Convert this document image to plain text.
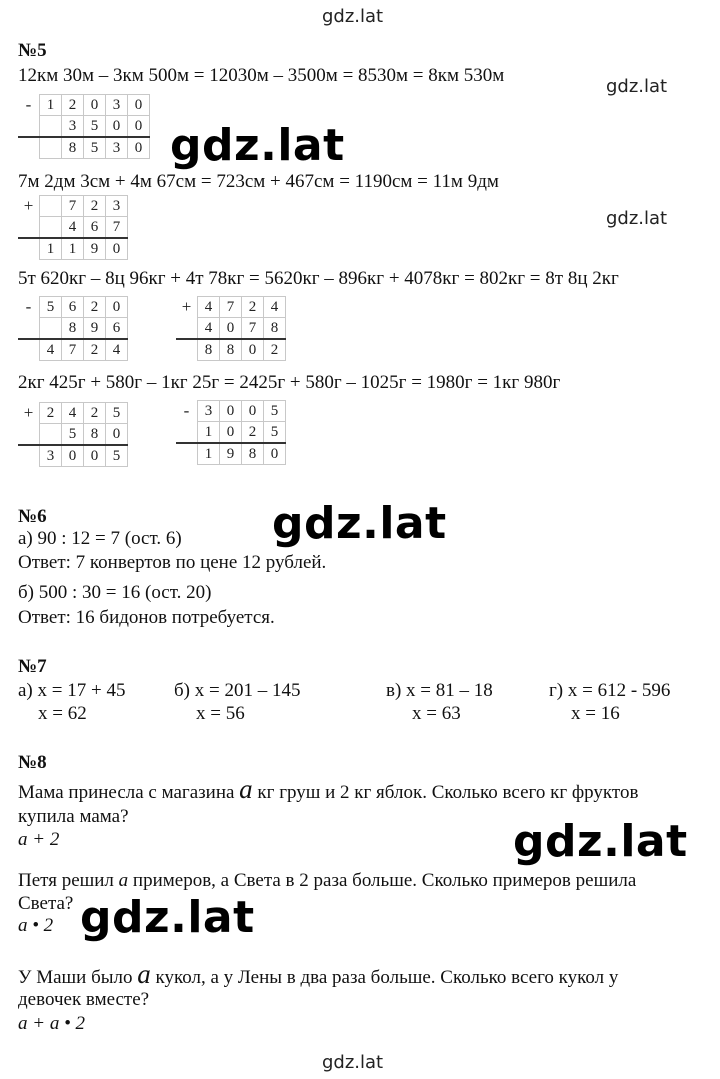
gdz.lat
gdz.lat
gdz.lat
gdz.lat
gdz.lat
gdz.lat
gdz.lat
gdz.lat
№5
12км 30м – 3км 500м = 12030м – 3500м = 8530м = 8км 530м
-	1	2	0	3	0
		3	5	0	0
		8	5	3	0
7м 2дм 3см + 4м 67см = 723см + 467см = 1190см = 11м 9дм
+		7	2	3
		4	6	7
	1	1	9	0
5т 620кг – 8ц 96кг + 4т 78кг = 5620кг – 896кг + 4078кг = 802кг = 8т 8ц 2кг
-	5	6	2	0
		8	9	6
	4	7	2	4
+	4	7	2	4
	4	0	7	8
	8	8	0	2
2кг 425г + 580г – 1кг 25г = 2425г + 580г – 1025г = 1980г = 1кг 980г
+	2	4	2	5
		5	8	0
	3	0	0	5
-	3	0	0	5
	1	0	2	5
	1	9	8	0
№6
а) 90 : 12 = 7 (ост. 6)
Ответ: 7 конвертов по цене 12 рублей.
б) 500 : 30 = 16 (ост. 20)
Ответ: 16 бидонов потребуется.
№7
а) х = 17 + 45
х = 62
б) х = 201 – 145
х = 56
в) х = 81 – 18
х = 63
г) х = 612 - 596
х = 16
№8
Мама принесла с магазина а кг груш и 2 кг яблок. Сколько всего кг фруктов
купила мама?
a + 2
Петя решил а примеров, а Света в 2 раза больше. Сколько примеров решила
Света?
a • 2
У Маши было а кукол, а у Лены в два раза больше. Сколько всего кукол у
девочек вместе?
a + a • 2
